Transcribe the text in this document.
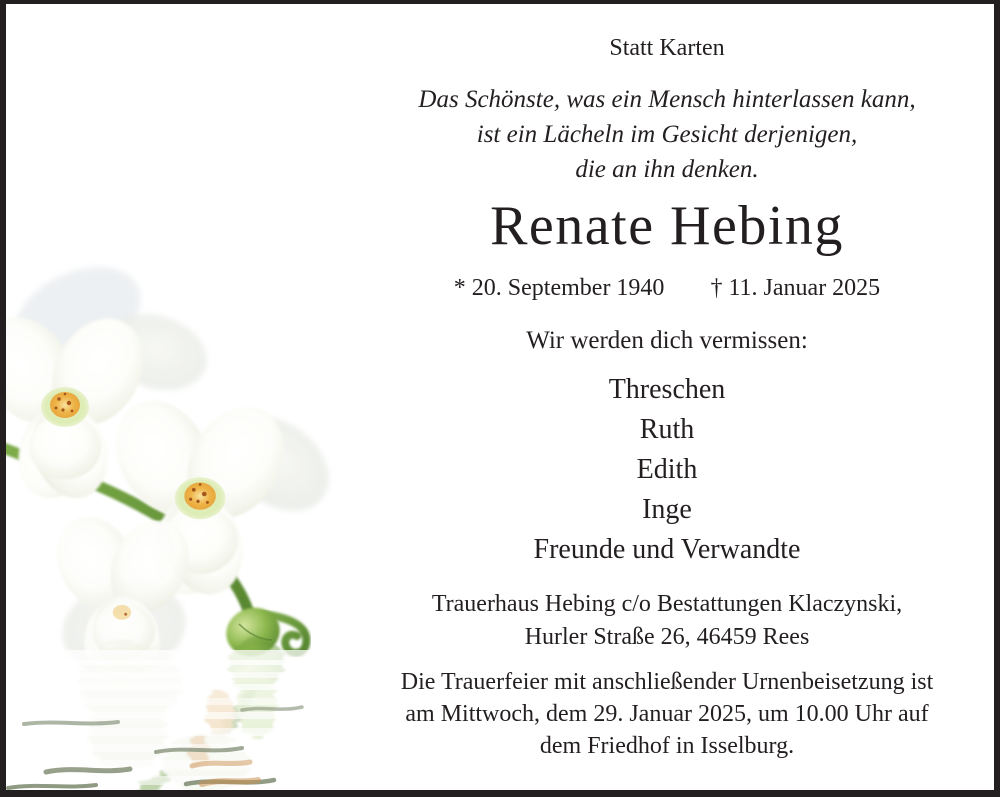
Statt Karten
Das Schönste, was ein Mensch hinterlassen kann,
ist ein Lächeln im Gesicht derjenigen,
die an ihn denken.
Renate Hebing
* 20. September 1940 † 11. Januar 2025
Wir werden dich vermissen:
Threschen
Ruth
Edith
Inge
Freunde und Verwandte
Trauerhaus Hebing c/o Bestattungen Klaczynski,
Hurler Straße 26, 46459 Rees
Die Trauerfeier mit anschließender Urnenbeisetzung ist
am Mittwoch, dem 29. Januar 2025, um 10.00 Uhr auf
dem Friedhof in Isselburg.
